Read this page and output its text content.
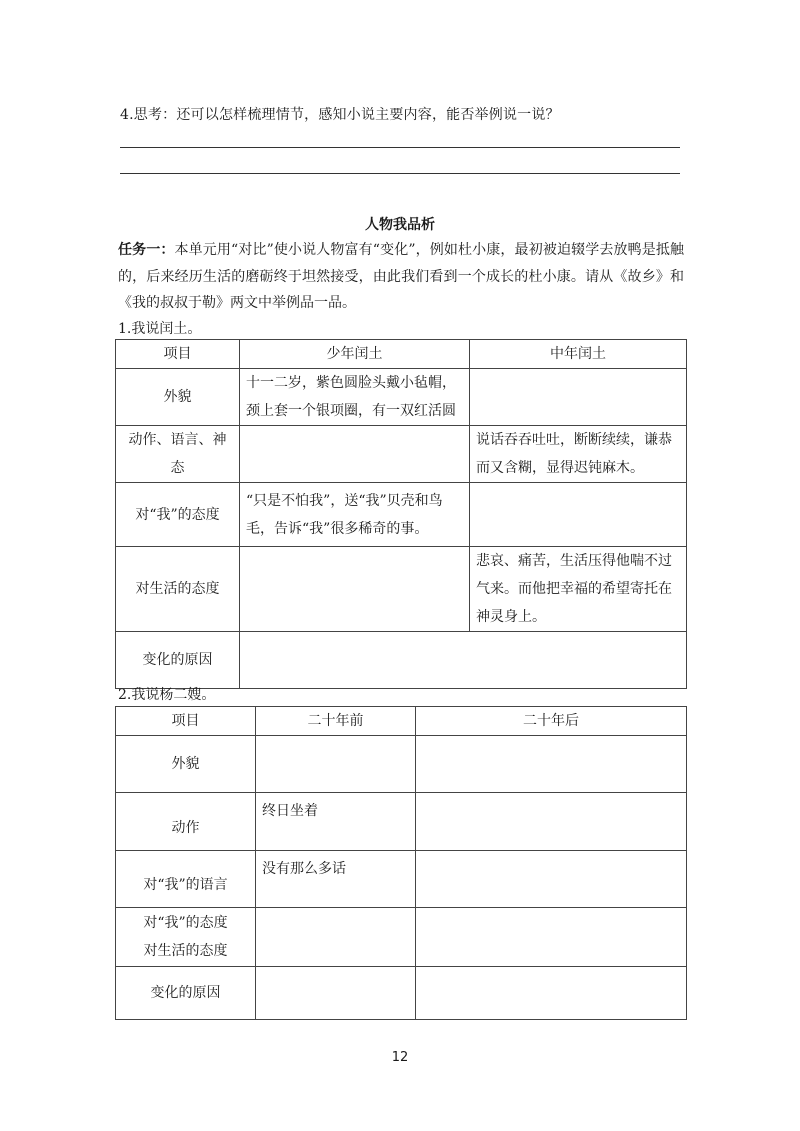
4.思考：还可以怎样梳理情节，感知小说主要内容，能否举例说一说？
人物我品析
任务一：本单元用“对比”使小说人物富有“变化”，例如杜小康，最初被迫辍学去放鸭是抵触的，后来经历生活的磨砺终于坦然接受，由此我们看到一个成长的杜小康。请从《故乡》和《我的叔叔于勒》两文中举例品一品。
1.我说闰土。
项目	少年闰土	中年闰土
外貌	十一二岁，紫色圆脸头戴小毡帽，颈上套一个银项圈，有一双红活圆	
动作、语言、神态		说话吞吞吐吐，断断续续，谦恭而又含糊，显得迟钝麻木。
对“我”的态度	“只是不怕我”，送“我”贝壳和鸟毛，告诉“我”很多稀奇的事。	
对生活的态度		悲哀、痛苦，生活压得他喘不过气来。而他把幸福的希望寄托在神灵身上。
变化的原因		
2.我说杨二嫂。
项目	二十年前	二十年后
外貌		
动作	终日坐着	
对“我”的语言	没有那么多话	

对“我”的态度
对生活的态度		

变化的原因		
12
